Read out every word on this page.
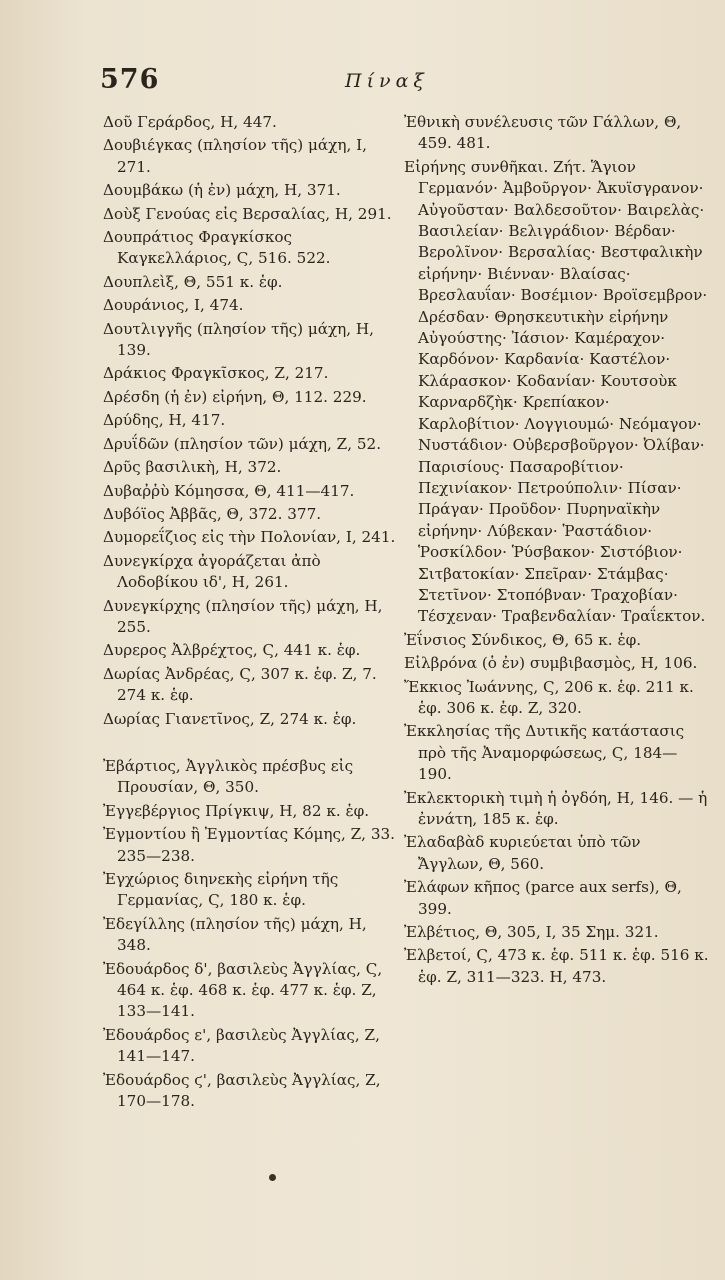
576	Πίναξ
Δοῦ Γεράρδος, Η, 447.
Δουβιέγκας (πλησίον τῆς) μάχη, Ι, 271.
Δουμβάκω (ἡ ἐν) μάχη, Η, 371.
Δοὺξ Γενούας εἰς Βερσαλίας, Η, 291.
Δουπράτιος Φραγκίσκος Καγκελλάριος, Ϛ, 516. 522.
Δουπλεὶξ, Θ, 551 κ. ἑφ.
Δουράνιος, Ι, 474.
Δουτλιγγῆς (πλησίον τῆς) μάχη, Η, 139.
Δράκιος Φραγκῖσκος, Ζ, 217.
Δρέσδη (ἡ ἐν) εἰρήνη, Θ, 112. 229.
Δρύδης, Η, 417.
Δρυΐδῶν (πλησίον τῶν) μάχη, Ζ, 52.
Δρῦς βασιλικὴ, Η, 372.
Δυβαῤῥὺ Κόμησσα, Θ, 411—417.
Δυβόϊος Ἀββᾶς, Θ, 372. 377.
Δυμορεΐζιος εἰς τὴν Πολονίαν, Ι, 241.
Δυνεγκίρχα ἀγοράζεται ἀπὸ Λοδοβίκου ιδ', Η, 261.
Δυνεγκίρχης (πλησίον τῆς) μάχη, Η, 255.
Δυρερος Ἀλβρέχτος, Ϛ, 441 κ. ἑφ.
Δωρίας Ἀνδρέας, Ϛ, 307 κ. ἑφ. Ζ, 7. 274 κ. ἑφ.
Δωρίας Γιανετῖνος, Ζ, 274 κ. ἑφ.
Ἐβάρτιος, Ἀγγλικὸς πρέσβυς εἰς Προυσίαν, Θ, 350.
Ἐγγεβέργιος Πρίγκιψ, Η, 82 κ. ἑφ.
Ἐγμοντίου ἢ Ἐγμοντίας Κόμης, Ζ, 33. 235—238.
Ἐγχώριος διηνεκὴς εἰρήνη τῆς Γερμανίας, Ϛ, 180 κ. ἑφ.
Ἐδεγίλλης (πλησίον τῆς) μάχη, Η, 348.
Ἐδουάρδος δ', βασιλεὺς Ἀγγλίας, Ϛ, 464 κ. ἑφ. 468 κ. ἑφ. 477 κ. ἑφ. Ζ, 133—141.
Ἐδουάρδος ε', βασιλεὺς Ἀγγλίας, Ζ, 141—147.
Ἐδουάρδος ϛ', βασιλεὺς Ἀγγλίας, Ζ, 170—178.
Ἐθνικὴ συνέλευσις τῶν Γάλλων, Θ, 459. 481.
Εἰρήνης συνθῆκαι. Ζήτ. Ἅγιον Γερμανόν· Ἀμβοῦργον· Ἀκυϊσγρανον· Αὐγοῦσταν· Βαλδεσοῦτον· Βαιρελὰς· Βασιλείαν· Βελιγράδιον· Βέρδαν· Βερολῖνον· Βερσαλίας· Βεστφαλικὴν εἰρήνην· Βιένναν· Βλαίσας· Βρεσλαυΐαν· Βοσέμιον· Βροϊσεμβρον· Δρέσδαν· Θρησκευτικὴν εἰρήνην Αὐγούστης· Ἰάσιον· Καμέραχον· Καρδόνον· Καρδανία· Καστέλον· Κλάρασκον· Κοδανίαν· Κουτσοὺκ Καρναρδζὴκ· Κρεπίακον· Καρλοβίτιον· Λογγιουμώ· Νεόμαγον· Νυστάδιον· Οὐβερσβοῦργον· Ὀλίβαν· Παρισίους· Πασαροβίτιον· Πεχινίακον· Πετρούπολιν· Πίσαν· Πράγαν· Προῦδον· Πυρηναϊκὴν εἰρήνην· Λύβεκαν· Ῥαστάδιον· Ῥοσκίλδον· Ῥύσβακον· Σιστόβιον· Σιτβατοκίαν· Σπεῖραν· Στάμβας· Στετῖνον· Στοπόβναν· Τραχοβίαν· Τέσχεναν· Τραβενδαλίαν· Τραΐεκτον.
Ἐΐνσιος Σύνδικος, Θ, 65 κ. ἑφ.
Εἰλβρόνα (ὁ ἐν) συμβιβασμὸς, Η, 106.
Ἔκκιος Ἰωάννης, Ϛ, 206 κ. ἑφ. 211 κ. ἑφ. 306 κ. ἑφ. Ζ, 320.
Ἐκκλησίας τῆς Δυτικῆς κατάστασις πρὸ τῆς Ἀναμορφώσεως, Ϛ, 184—190.
Ἐκλεκτορικὴ τιμὴ ἡ ὀγδόη, Η, 146. — ἡ ἐννάτη, 185 κ. ἑφ.
Ἐλαδαβὰδ κυριεύεται ὑπὸ τῶν Ἄγγλων, Θ, 560.
Ἐλάφων κῆπος (parce aux serfs), Θ, 399.
Ἐλβέτιος, Θ, 305, Ι, 35 Σημ. 321.
Ἐλβετοί, Ϛ, 473 κ. ἑφ. 511 κ. ἑφ. 516 κ. ἑφ. Ζ, 311—323. Η, 473.
